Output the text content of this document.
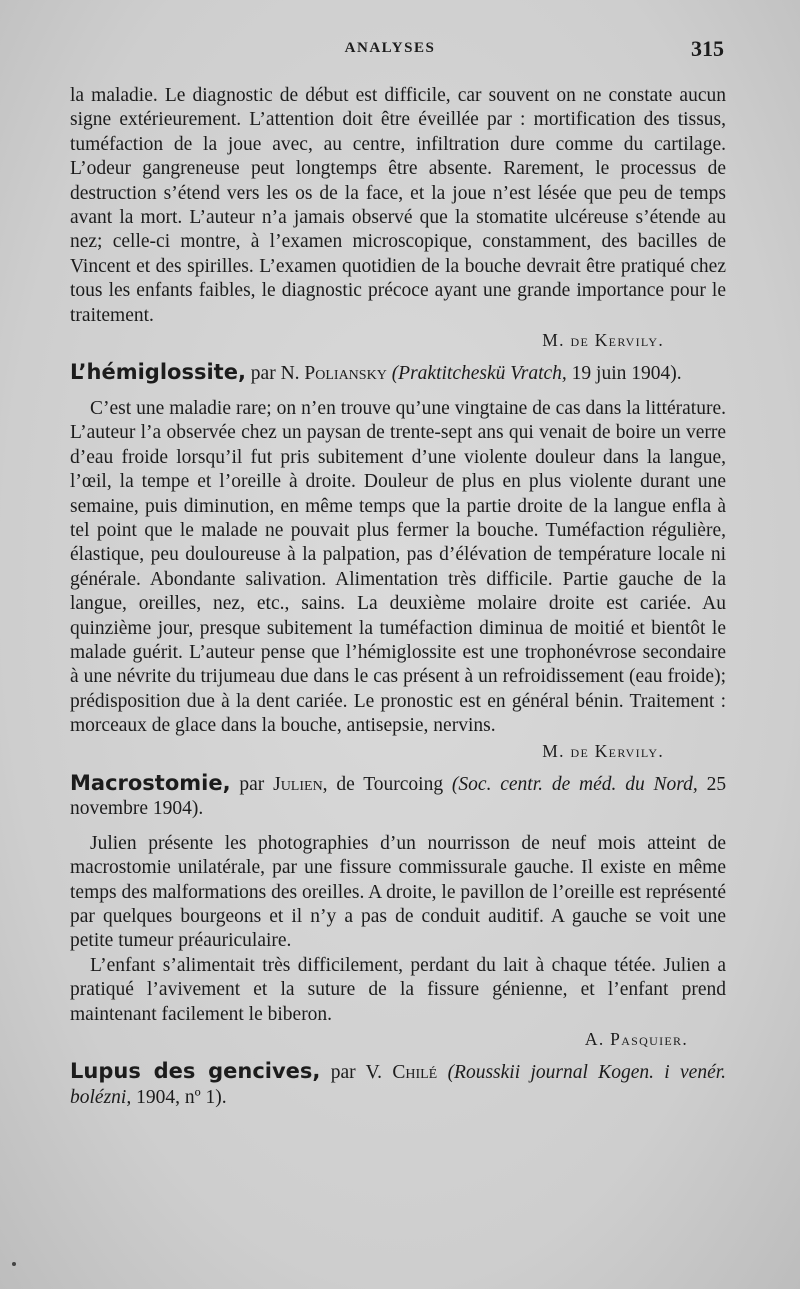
ANALYSES	315

la maladie. Le diagnostic de début est difficile, car souvent on ne constate aucun signe extérieurement. L’attention doit être éveillée par : mortification des tissus, tuméfaction de la joue avec, au centre, infiltration dure comme du cartilage. L’odeur gangreneuse peut longtemps être absente. Rarement, le processus de destruction s’étend vers les os de la face, et la joue n’est lésée que peu de temps avant la mort. L’auteur n’a jamais observé que la stomatite ulcéreuse s’étende au nez; celle-ci montre, à l’examen microscopique, constamment, des bacilles de Vincent et des spirilles. L’examen quotidien de la bouche devrait être pratiqué chez tous les enfants faibles, le diagnostic précoce ayant une grande importance pour le traitement.

M. de Kervily.

L’hémiglossite, par N. Poliansky (Praktitcheskü Vratch, 19 juin 1904).

C’est une maladie rare; on n’en trouve qu’une vingtaine de cas dans la littérature. L’auteur l’a observée chez un paysan de trente-sept ans qui venait de boire un verre d’eau froide lorsqu’il fut pris subitement d’une violente douleur dans la langue, l’œil, la tempe et l’oreille à droite. Douleur de plus en plus violente durant une semaine, puis diminution, en même temps que la partie droite de la langue enfla à tel point que le malade ne pouvait plus fermer la bouche. Tuméfaction régulière, élastique, peu douloureuse à la palpation, pas d’élévation de température locale ni générale. Abondante salivation. Alimentation très difficile. Partie gauche de la langue, oreilles, nez, etc., sains. La deuxième molaire droite est cariée. Au quinzième jour, presque subitement la tuméfaction diminua de moitié et bientôt le malade guérit. L’auteur pense que l’hémiglossite est une trophonévrose secondaire à une névrite du trijumeau due dans le cas présent à un refroidissement (eau froide); prédisposition due à la dent cariée. Le pronostic est en général bénin. Traitement : morceaux de glace dans la bouche, antisepsie, nervins.

M. de Kervily.

Macrostomie, par Julien, de Tourcoing (Soc. centr. de méd. du Nord, 25 novembre 1904).

Julien présente les photographies d’un nourrisson de neuf mois atteint de macrostomie unilatérale, par une fissure commissurale gauche. Il existe en même temps des malformations des oreilles. A droite, le pavillon de l’oreille est représenté par quelques bourgeons et il n’y a pas de conduit auditif. A gauche se voit une petite tumeur préauriculaire.

L’enfant s’alimentait très difficilement, perdant du lait à chaque tétée. Julien a pratiqué l’avivement et la suture de la fissure génienne, et l’enfant prend maintenant facilement le biberon.

A. Pasquier.

Lupus des gencives, par V. Chilé (Rousskii journal Kogen. i venér. bolézni, 1904, nº 1).
